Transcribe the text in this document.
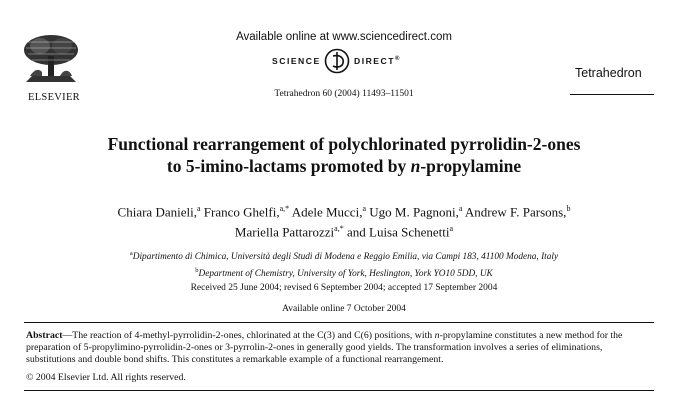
ELSEVIER
Available online at www.sciencedirect.com
SCIENCE	DIRECT®
Tetrahedron 60 (2004) 11493–11501
Tetrahedron
Functional rearrangement of polychlorinated pyrrolidin-2-ones
to 5-imino-lactams promoted by n-propylamine
Chiara Danieli,$^a$ Franco Ghelfi,$^{a,*}$ Adele Mucci,$^a$ Ugo M. Pagnoni,$^a$ Andrew F. Parsons,$^b$
Mariella Pattarozzi$^{a,*}$ and Luisa Schenetti$^a$
$^a$Dipartimento di Chimica, Università degli Studi di Modena e Reggio Emilia, via Campi 183, 41100 Modena, Italy
$^b$Department of Chemistry, University of York, Heslington, York YO10 5DD, UK
Received 25 June 2004; revised 6 September 2004; accepted 17 September 2004
Available online 7 October 2004
Abstract—The reaction of 4-methyl-pyrrolidin-2-ones, chlorinated at the C(3) and C(6) positions, with n-propylamine constitutes a new method for the preparation of 5-propylimino-pyrrolidin-2-ones or 3-pyrrolin-2-ones in generally good yields. The transformation involves a series of eliminations, substitutions and double bond shifts. This constitutes a remarkable example of a functional rearrangement.
© 2004 Elsevier Ltd. All rights reserved.
